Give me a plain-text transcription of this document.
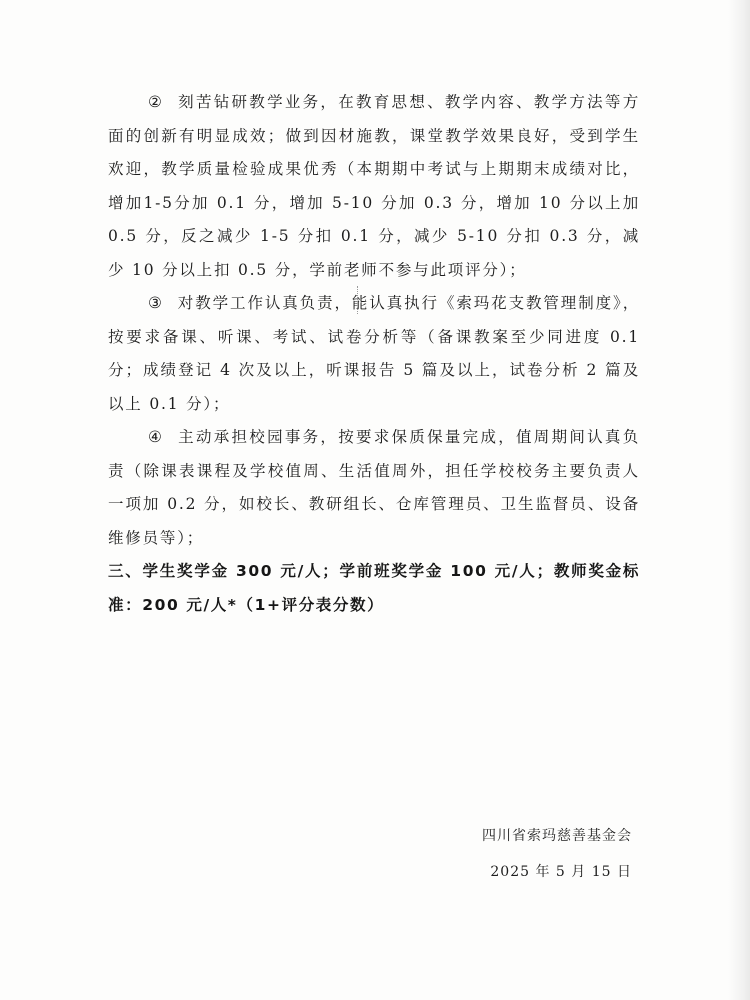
② 刻苦钻研教学业务，在教育思想、教学内容、教学方法等方面的创新有明显成效；做到因材施教，课堂教学效果良好，受到学生欢迎，教学质量检验成果优秀（本期期中考试与上期期末成绩对比，增加1-5分加 0.1 分，增加 5-10 分加 0.3 分，增加 10 分以上加 0.5 分，反之减少 1-5 分扣 0.1 分，减少 5-10 分扣 0.3 分，减少 10 分以上扣 0.5 分，学前老师不参与此项评分）；

③ 对教学工作认真负责，能认真执行《索玛花支教管理制度》，按要求备课、听课、考试、试卷分析等（备课教案至少同进度 0.1 分；成绩登记 4 次及以上，听课报告 5 篇及以上，试卷分析 2 篇及以上 0.1 分）；

④ 主动承担校园事务，按要求保质保量完成，值周期间认真负责（除课表课程及学校值周、生活值周外，担任学校校务主要负责人一项加 0.2 分，如校长、教研组长、仓库管理员、卫生监督员、设备维修员等）；

三、学生奖学金 300 元/人；学前班奖学金 100 元/人；教师奖金标准：200 元/人*（1+评分表分数）

四川省索玛慈善基金会
2025 年 5 月 15 日
